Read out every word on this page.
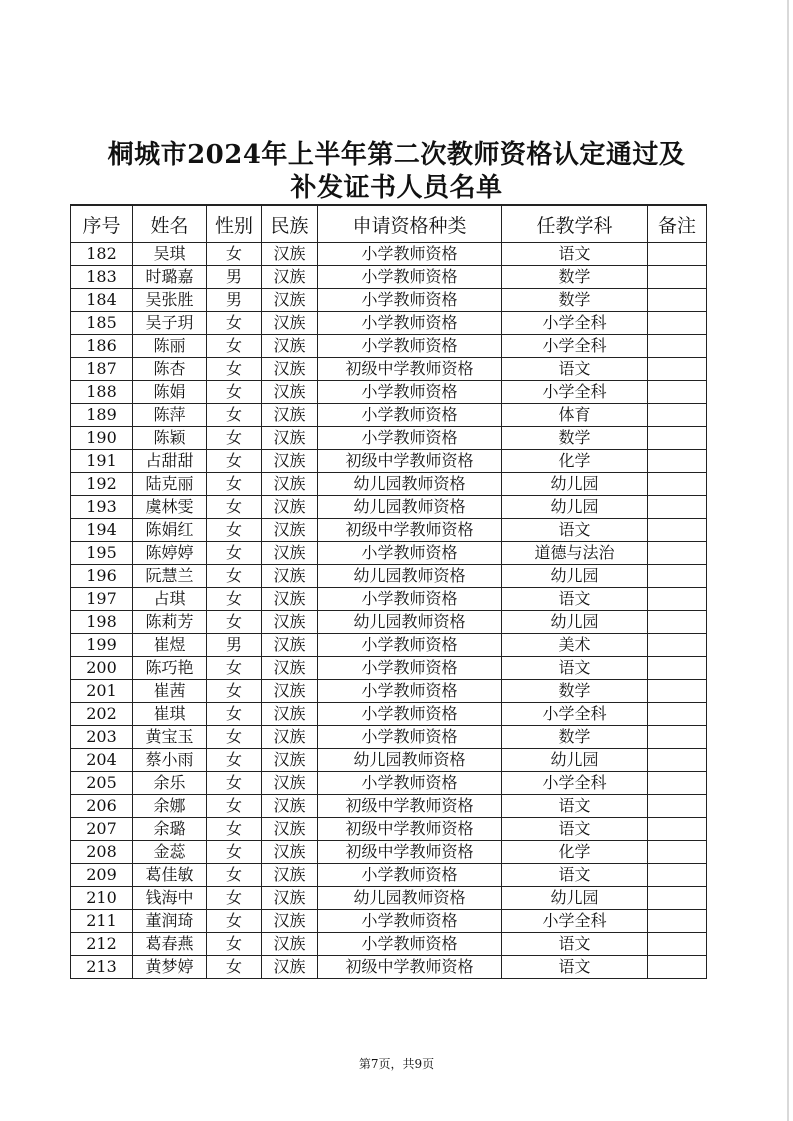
桐城市2024年上半年第二次教师资格认定通过及
补发证书人员名单
序号	姓名	性别	民族	申请资格种类	任教学科	备注
182	吴琪	女	汉族	小学教师资格	语文	
183	时璐嘉	男	汉族	小学教师资格	数学	
184	吴张胜	男	汉族	小学教师资格	数学	
185	吴子玥	女	汉族	小学教师资格	小学全科	
186	陈丽	女	汉族	小学教师资格	小学全科	
187	陈杏	女	汉族	初级中学教师资格	语文	
188	陈娟	女	汉族	小学教师资格	小学全科	
189	陈萍	女	汉族	小学教师资格	体育	
190	陈颖	女	汉族	小学教师资格	数学	
191	占甜甜	女	汉族	初级中学教师资格	化学	
192	陆克丽	女	汉族	幼儿园教师资格	幼儿园	
193	虞林雯	女	汉族	幼儿园教师资格	幼儿园	
194	陈娟红	女	汉族	初级中学教师资格	语文	
195	陈婷婷	女	汉族	小学教师资格	道德与法治	
196	阮慧兰	女	汉族	幼儿园教师资格	幼儿园	
197	占琪	女	汉族	小学教师资格	语文	
198	陈莉芳	女	汉族	幼儿园教师资格	幼儿园	
199	崔煜	男	汉族	小学教师资格	美术	
200	陈巧艳	女	汉族	小学教师资格	语文	
201	崔茜	女	汉族	小学教师资格	数学	
202	崔琪	女	汉族	小学教师资格	小学全科	
203	黄宝玉	女	汉族	小学教师资格	数学	
204	蔡小雨	女	汉族	幼儿园教师资格	幼儿园	
205	余乐	女	汉族	小学教师资格	小学全科	
206	余娜	女	汉族	初级中学教师资格	语文	
207	余璐	女	汉族	初级中学教师资格	语文	
208	金蕊	女	汉族	初级中学教师资格	化学	
209	葛佳敏	女	汉族	小学教师资格	语文	
210	钱海中	女	汉族	幼儿园教师资格	幼儿园	
211	董润琦	女	汉族	小学教师资格	小学全科	
212	葛春燕	女	汉族	小学教师资格	语文	
213	黄梦婷	女	汉族	初级中学教师资格	语文	
第7页，共9页
